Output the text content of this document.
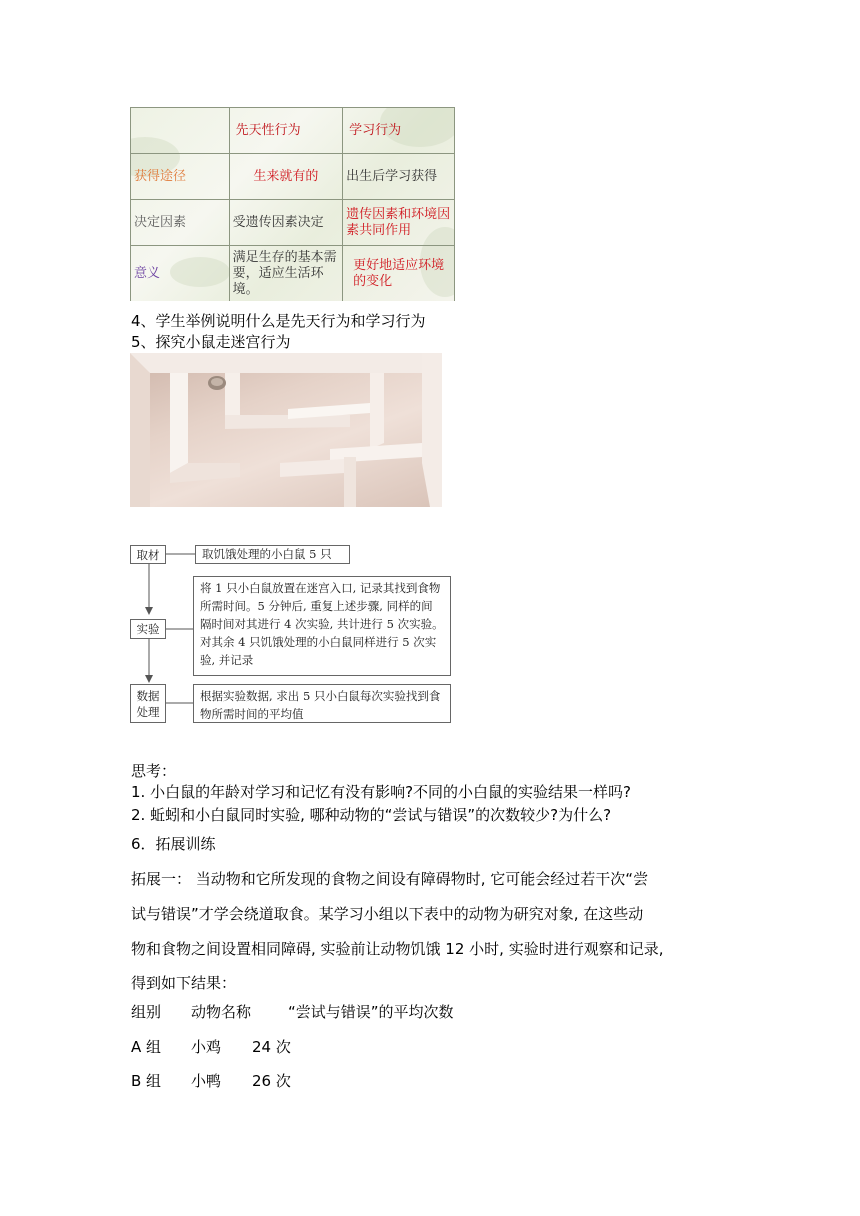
	先天性行为	学习行为
获得途径	生来就有的	出生后学习获得
决定因素	受遗传因素决定	遗传因素和环境因素共同作用
意义	满足生存的基本需要，适应生活环境。	更好地适应环境的变化
4、学生举例说明什么是先天行为和学习行为
5、探究小鼠走迷宫行为
取材	取饥饿处理的小白鼠 5 只
实验
将 1 只小白鼠放置在迷宫入口, 记录其找到食物所需时间。5 分钟后, 重复上述步骤, 同样的间隔时间对其进行 4 次实验, 共计进行 5 次实验。对其余 4 只饥饿处理的小白鼠同样进行 5 次实验, 并记录
数据处理
根据实验数据, 求出 5 只小白鼠每次实验找到食物所需时间的平均值
思考：
1. 小白鼠的年龄对学习和记忆有没有影响?不同的小白鼠的实验结果一样吗?
2. 蚯蚓和小白鼠同时实验, 哪种动物的“尝试与错误”的次数较少?为什么?
6．拓展训练
拓展一： 当动物和它所发现的食物之间设有障碍物时, 它可能会经过若干次“尝
试与错误”才学会绕道取食。某学习小组以下表中的动物为研究对象, 在这些动
物和食物之间设置相同障碍, 实验前让动物饥饿 12 小时, 实验时进行观察和记录,
得到如下结果：
组别 动物名称 “尝试与错误”的平均次数
A 组 小鸡 24 次
B 组 小鸭 26 次
